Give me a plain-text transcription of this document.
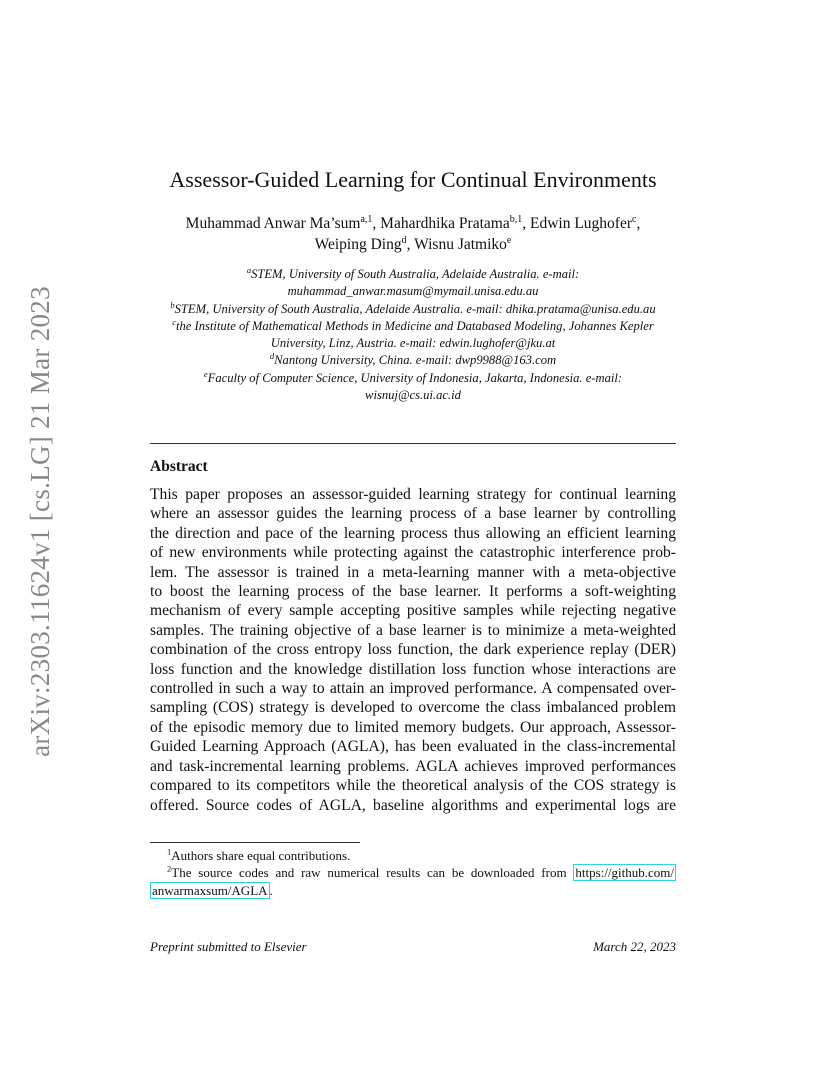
arXiv:2303.11624v1 [cs.LG] 21 Mar 2023
Assessor-Guided Learning for Continual Environments
Muhammad Anwar Ma’sum$^{a,1}$, Mahardhika Pratama$^{b,1}$, Edwin Lughofer$^c$,
Weiping Ding$^d$, Wisnu Jatmiko$^e$
$^a$STEM, University of South Australia, Adelaide Australia. e-mail:
muhammad_anwar.masum@mymail.unisa.edu.au
$^b$STEM, University of South Australia, Adelaide Australia. e-mail: dhika.pratama@unisa.edu.au
$^c$the Institute of Mathematical Methods in Medicine and Databased Modeling, Johannes Kepler
University, Linz, Austria. e-mail: edwin.lughofer@jku.at
$^d$Nantong University, China. e-mail: dwp9988@163.com
$^e$Faculty of Computer Science, University of Indonesia, Jakarta, Indonesia. e-mail:
wisnuj@cs.ui.ac.id
Abstract
This paper proposes an assessor-guided learning strategy for continual learning
where an assessor guides the learning process of a base learner by controlling
the direction and pace of the learning process thus allowing an efficient learning
of new environments while protecting against the catastrophic interference prob-
lem. The assessor is trained in a meta-learning manner with a meta-objective
to boost the learning process of the base learner. It performs a soft-weighting
mechanism of every sample accepting positive samples while rejecting negative
samples. The training objective of a base learner is to minimize a meta-weighted
combination of the cross entropy loss function, the dark experience replay (DER)
loss function and the knowledge distillation loss function whose interactions are
controlled in such a way to attain an improved performance. A compensated over-
sampling (COS) strategy is developed to overcome the class imbalanced problem
of the episodic memory due to limited memory budgets. Our approach, Assessor-
Guided Learning Approach (AGLA), has been evaluated in the class-incremental
and task-incremental learning problems. AGLA achieves improved performances
compared to its competitors while the theoretical analysis of the COS strategy is
offered. Source codes of AGLA, baseline algorithms and experimental logs are
$^1$Authors share equal contributions.
$^2$The source codes and raw numerical results can be downloaded from https://github.com/
anwarmaxsum/AGLA .
Preprint submitted to Elsevier	March 22, 2023
